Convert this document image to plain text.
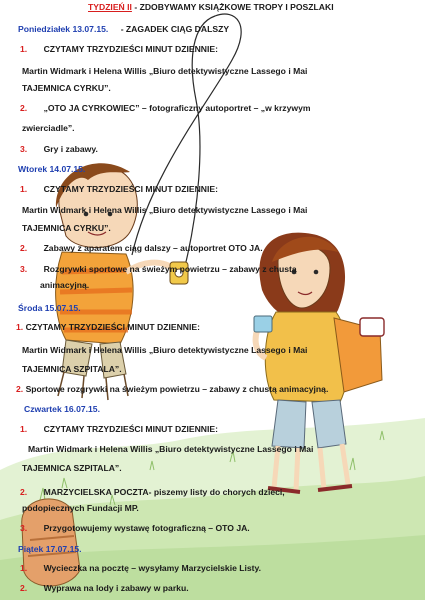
TYDZIEŃ II - ZDOBYWAMY KSIĄŻKOWE TROPY I POSZLAKI
Poniedziałek 13.07.15. - ZAGADEK CIĄG DALSZY
1. CZYTAMY TRZYDZIEŚCI MINUT DZIENNIE:
Martin Widmark i Helena Willis „Biuro detektywistyczne Lassego i Mai
TAJEMNICA CYRKU”.
2. „OTO JA CYRKOWIEC” – fotograficzny autoportret – „w krzywym
zwierciadle”.
3. Gry i zabawy.
Wtorek 14.07.15.
1. CZYTAMY TRZYDZIEŚCI MINUT DZIENNIE:
Martin Widmark i Helena Willis „Biuro detektywistyczne Lassego i Mai
TAJEMNICA CYRKU”.
2. Zabawy z aparatem ciąg dalszy – autoportret OTO JA.
3. Rozgrywki sportowe na świeżym powietrzu – zabawy z chustą
animacyjną.
Środa 15.07.15.
1. CZYTAMY TRZYDZIEŚCI MINUT DZIENNIE:
Martin Widmark i Helena Willis „Biuro detektywistyczne Lassego i Mai
TAJEMNICA SZPITALA”.
2. Sportowe rozgrywki na świeżym powietrzu – zabawy z chustą animacyjną.
Czwartek 16.07.15.
1. CZYTAMY TRZYDZIEŚCI MINUT DZIENNIE:
Martin Widmark i Helena Willis „Biuro detektywistyczne Lassego i Mai
TAJEMNICA SZPITALA”.
2. MARZYCIELSKA POCZTA- piszemy listy do chorych dzieci,
podopiecznych Fundacji MP.
3. Przygotowujemy wystawę fotograficzną – OTO JA.
Piątek 17.07.15.
1. Wycieczka na pocztę – wysyłamy Marzycielskie Listy.
2. Wyprawa na lody i zabawy w parku.
